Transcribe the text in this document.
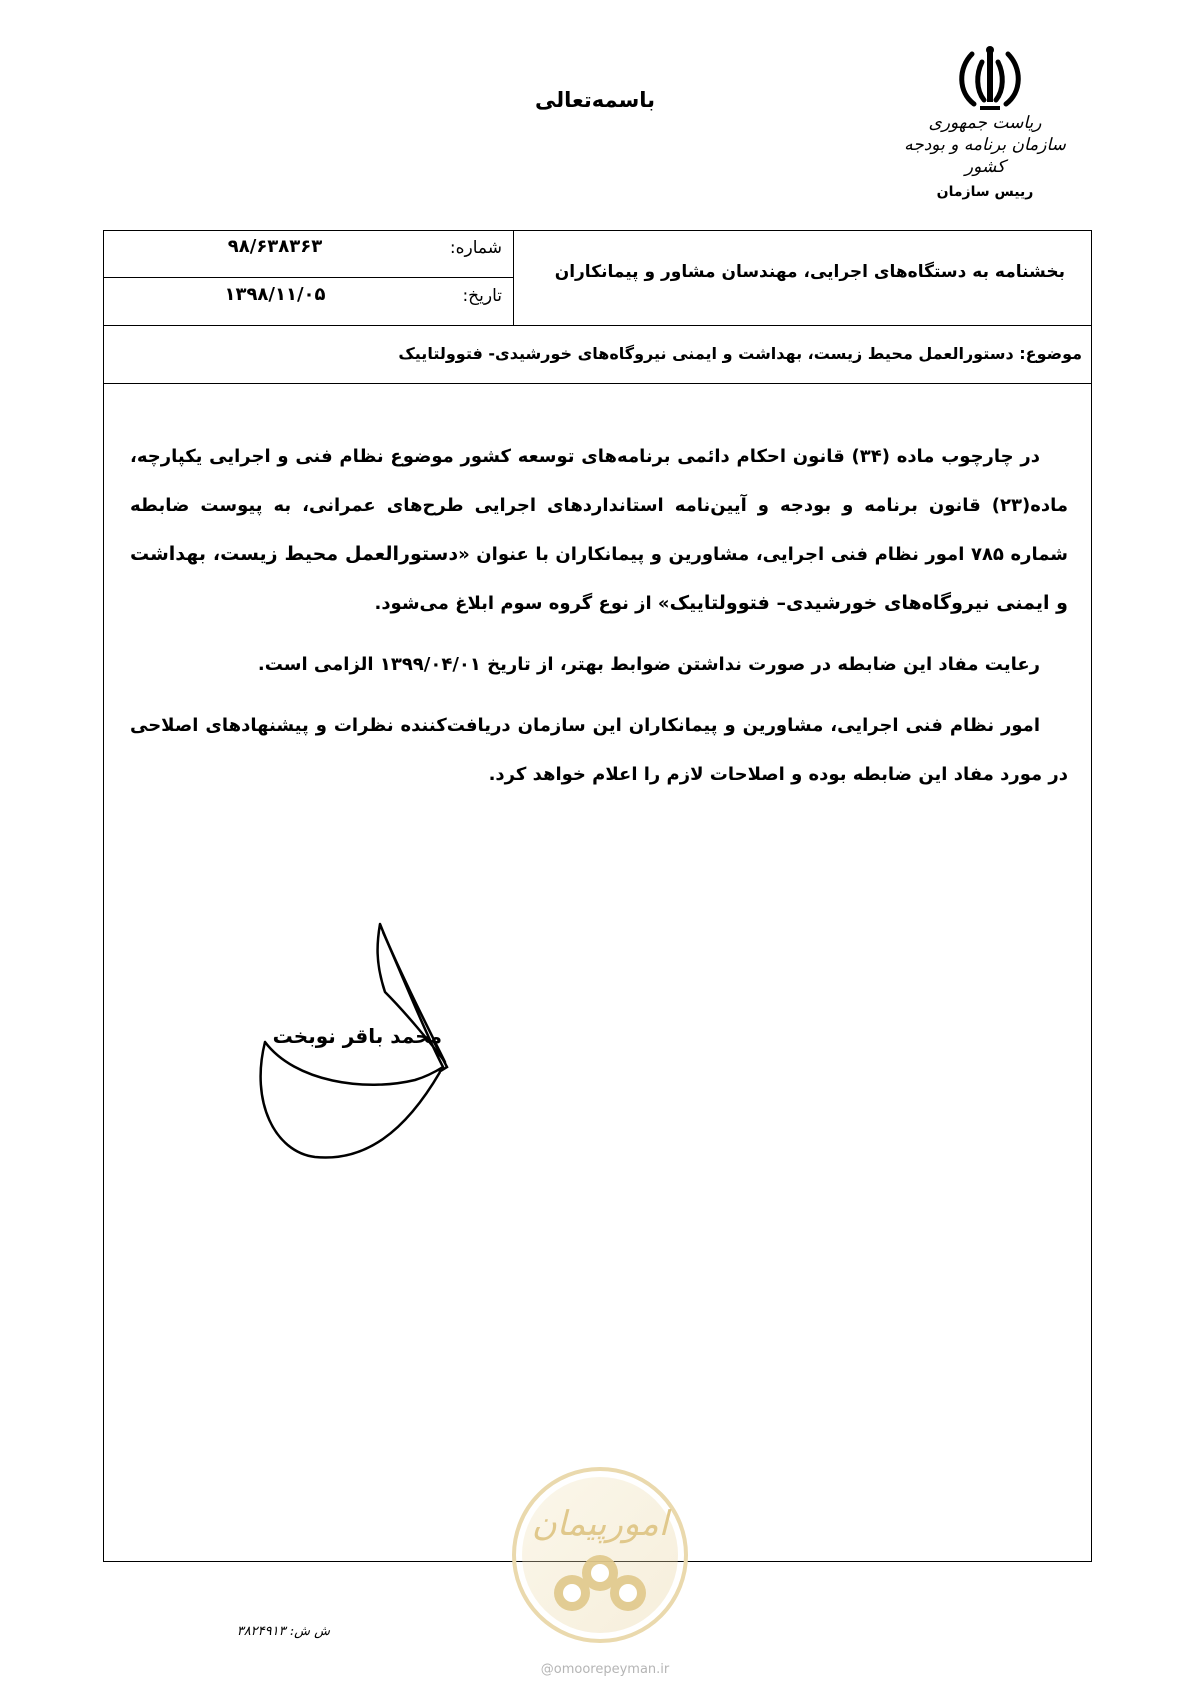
باسمه‌تعالی
ریاست جمهوری
سازمان برنامه و بودجه کشور
رییس سازمان
شماره:
۹۸/۶۳۸۳۶۳
تاریخ:
۱۳۹۸/۱۱/۰۵
بخشنامه به دستگاه‌های اجرایی، مهندسان مشاور و پیمانکاران
موضوع: دستورالعمل محیط زیست، بهداشت و ایمنی نیروگاه‌های خورشیدی- فتوولتاییک

در چارچوب ماده (۳۴) قانون احکام دائمی برنامه‌های توسعه کشور موضوع نظام فنی و اجرایی یکپارچه، ماده(۲۳) قانون برنامه و بودجه و آیین‌نامه استانداردهای اجرایی طرح‌های عمرانی، به پیوست ضابطه شماره ۷۸۵ امور نظام فنی اجرایی، مشاورین و پیمانکاران با عنوان «دستورالعمل محیط زیست، بهداشت و ایمنی نیروگاه‌های خورشیدی– فتوولتاییک» از نوع گروه سوم ابلاغ می‌شود.

رعایت مفاد این ضابطه در صورت نداشتن ضوابط بهتر، از تاریخ ۱۳۹۹/۰۴/۰۱ الزامی است.

امور نظام فنی اجرایی، مشاورین و پیمانکاران این سازمان دریافت‌کننده نظرات و پیشنهادهای اصلاحی در مورد مفاد این ضابطه بوده و اصلاحات لازم را اعلام خواهد کرد.

محمد باقر نوبخت
امورپیمان
@omoorepeyman.ir
ش ش: ۳۸۲۴۹۱۳
